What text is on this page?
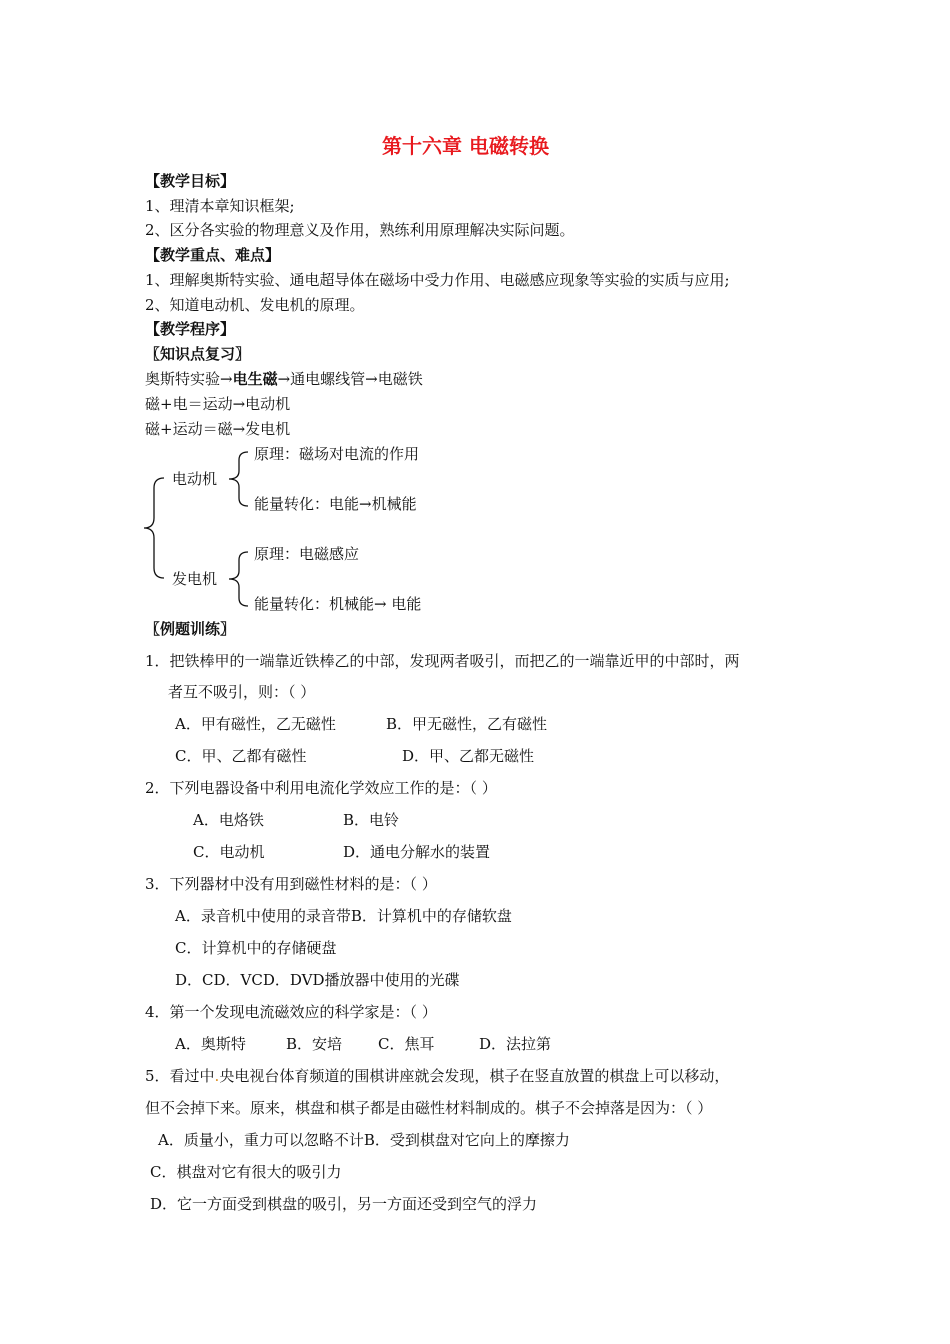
第十六章 电磁转换
【教学目标】
1、理清本章知识框架;
2、区分各实验的物理意义及作用，熟练利用原理解决实际问题。
【教学重点、难点】
1、理解奥斯特实验、通电超导体在磁场中受力作用、电磁感应现象等实验的实质与应用;
2、知道电动机、发电机的原理。
【教学程序】
〖知识点复习〗
奥斯特实验→电生磁→通电螺线管→电磁铁
磁+电＝运动→电动机
磁+运动＝磁→发电机
电动机
原理：磁场对电流的作用
能量转化：电能→机械能
发电机
原理：电磁感应
能量转化：机械能→ 电能
〖例题训练〗
1．把铁棒甲的一端靠近铁棒乙的中部，发现两者吸引，而把乙的一端靠近甲的中部时，两
者互不吸引，则：（ ）
A．甲有磁性，乙无磁性	B．甲无磁性，乙有磁性
C．甲、乙都有磁性	D．甲、乙都无磁性
2．下列电器设备中利用电流化学效应工作的是：（ ）
A．电烙铁	B．电铃
C．电动机	D．通电分解水的装置
3．下列器材中没有用到磁性材料的是：（ ）
A．录音机中使用的录音带B．计算机中的存储软盘
C．计算机中的存储硬盘
D．CD．VCD．DVD播放器中使用的光碟
4．第一个发现电流磁效应的科学家是：（ ）
A．奥斯特	B．安培 C．焦耳	D．法拉第
5．看过中.央电视台体育频道的围棋讲座就会发现，棋子在竖直放置的棋盘上可以移动，
但不会掉下来。原来，棋盘和棋子都是由磁性材料制成的。棋子不会掉落是因为：（ ）
A．质量小，重力可以忽略不计B．受到棋盘对它向上的摩擦力
C．棋盘对它有很大的吸引力
D．它一方面受到棋盘的吸引，另一方面还受到空气的浮力
